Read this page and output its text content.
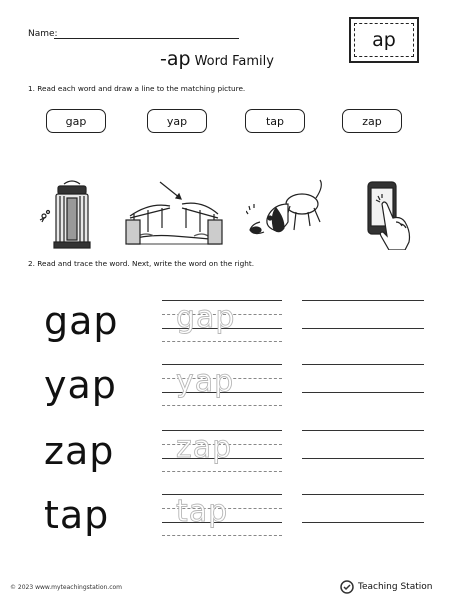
Name:
-ap Word Family
ap
1. Read each word and draw a line to the matching picture.
gap	yap	tap	zap
2. Read and trace the word. Next, write the word on the right.
gap gap
yap yap
zap zap
tap tap
© 2023 www.myteachingstation.com	Teaching Station
